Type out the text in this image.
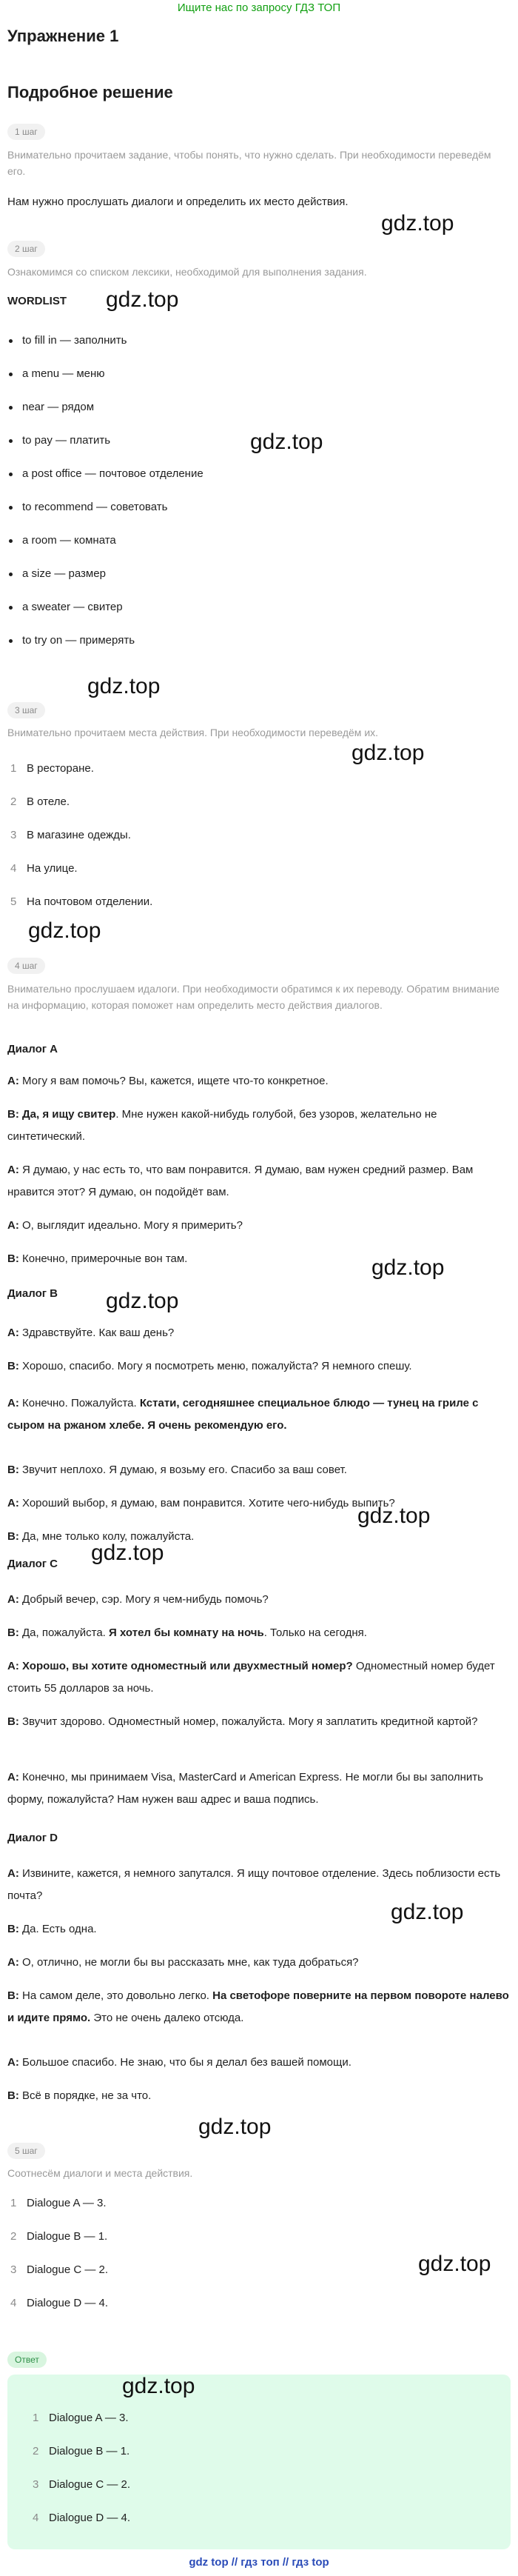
Ищите нас по запросу ГДЗ ТОП
Упражнение 1
Подробное решение
1 шаг
Внимательно прочитаем задание, чтобы понять, что нужно сделать. При необходимости переведём его.
Нам нужно прослушать диалоги и определить их место действия.
gdz.top
2 шаг
Ознакомимся со списком лексики, необходимой для выполнения задания.
WORDLIST gdz.top
to fill in — заполнить
a menu — меню
near — рядом
to pay — платить	gdz.top
a post office — почтовое отделение
to recommend — советовать
a room — комната
a size — размер
a sweater — свитер
to try on — примерять
gdz.top
3 шаг
Внимательно прочитаем места действия. При необходимости переведём их.
gdz.top
1 В ресторане.
2 В отеле.
3 В магазине одежды.
4 На улице.
5 На почтовом отделении.
gdz.top
4 шаг
Внимательно прослушаем идалоги. При необходимости обратимся к их переводу. Обратим внимание на информацию, которая поможет нам определить место действия диалогов.
Диалог А
А: Могу я вам помочь? Вы, кажется, ищете что-то конкретное.
В: Да, я ищу свитер. Мне нужен какой-нибудь голубой, без узоров, желательно не синтетический.
А: Я думаю, у нас есть то, что вам понравится. Я думаю, вам нужен средний размер. Вам нравится этот? Я думаю, он подойдёт вам.
А: О, выглядит идеально. Могу я примерить?
В: Конечно, примерочные вон там.	gdz.top
Диалог В gdz.top
А: Здравствуйте. Как ваш день?
В: Хорошо, спасибо. Могу я посмотреть меню, пожалуйста? Я немного спешу.
А: Конечно. Пожалуйста. Кстати, сегодняшнее специальное блюдо — тунец на гриле с сыром на ржаном хлебе. Я очень рекомендую его.
В: Звучит неплохо. Я думаю, я возьму его. Спасибо за ваш совет.
А: Хороший выбор, я думаю, вам понравится. Хотите чего-нибудь выпить?
gdz.top
В: Да, мне только колу, пожалуйста.
Диалог С gdz.top
А: Добрый вечер, сэр. Могу я чем-нибудь помочь?
В: Да, пожалуйста. Я хотел бы комнату на ночь. Только на сегодня.
А: Хорошо, вы хотите одноместный или двухместный номер? Одноместный номер будет стоить 55 долларов за ночь.
В: Звучит здорово. Одноместный номер, пожалуйста. Могу я заплатить кредитной картой?
А: Конечно, мы принимаем Visa, MasterCard и American Express. Не могли бы вы заполнить форму, пожалуйста? Нам нужен ваш адрес и ваша подпись.
Диалог D
А: Извините, кажется, я немного запутался. Я ищу почтовое отделение. Здесь поблизости есть почта?
gdz.top
В: Да. Есть одна.
А: О, отлично, не могли бы вы рассказать мне, как туда добраться?
В: На самом деле, это довольно легко. На светофоре поверните на первом повороте налево и идите прямо. Это не очень далеко отсюда.
А: Большое спасибо. Не знаю, что бы я делал без вашей помощи.
В: Всё в порядке, не за что.
gdz.top
5 шаг
Соотнесём диалоги и места действия.
1 Dialogue A — 3.
2 Dialogue B — 1.
3 Dialogue C — 2.	gdz.top
4 Dialogue D — 4.
Ответ
gdz.top
1 Dialogue A — 3.
2 Dialogue B — 1.
3 Dialogue C — 2.
4 Dialogue D — 4.
gdz top // гдз топ // гдз top
